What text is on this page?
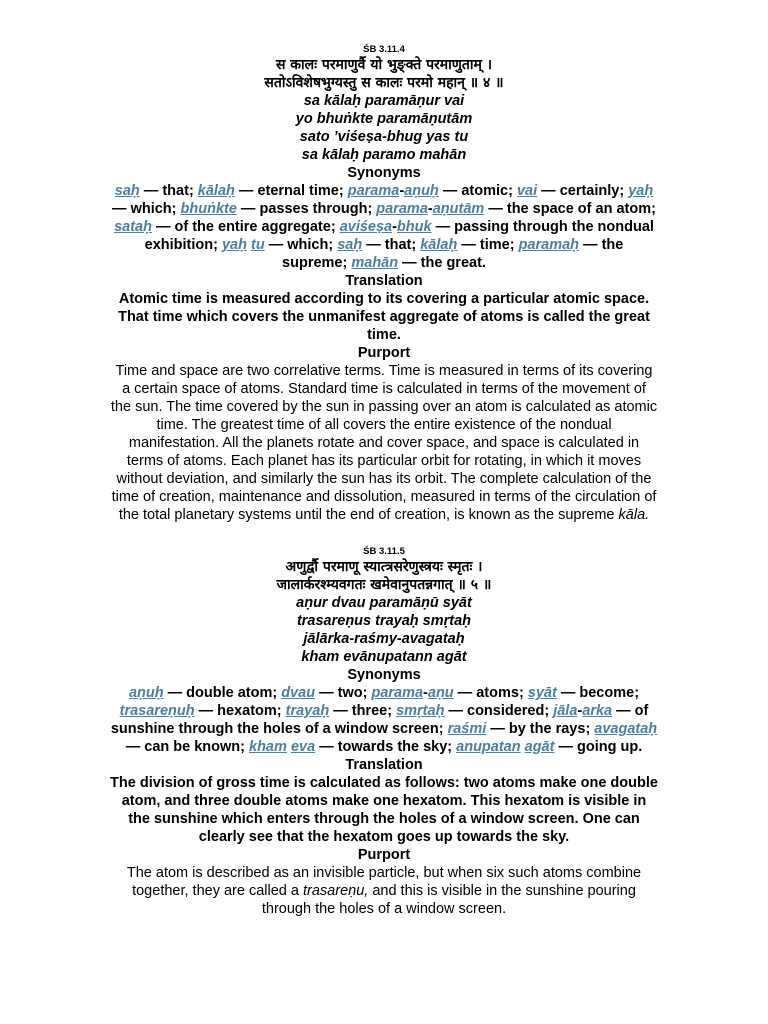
ŚB 3.11.4
स कालः परमाणुर्वै यो भुङ्क्ते परमाणुताम् ।
सतोऽविशेषभुग्यस्तु स कालः परमो महान् ॥ ४ ॥
sa kālaḥ paramāṇur vai
yo bhuṅkte paramāṇutām
sato ’viśeṣa-bhug yas tu
sa kālaḥ paramo mahān
Synonyms
saḥ — that; kālaḥ — eternal time; parama-aṇuḥ — atomic; vai — certainly; yaḥ — which; bhuṅkte — passes through; parama-aṇutām — the space of an atom; sataḥ — of the entire aggregate; aviśeṣa-bhuk — passing through the nondual exhibition; yaḥ tu — which; saḥ — that; kālaḥ — time; paramaḥ — the supreme; mahān — the great.
Translation
Atomic time is measured according to its covering a particular atomic space. That time which covers the unmanifest aggregate of atoms is called the great time.
Purport
Time and space are two correlative terms. Time is measured in terms of its covering a certain space of atoms. Standard time is calculated in terms of the movement of the sun. The time covered by the sun in passing over an atom is calculated as atomic time. The greatest time of all covers the entire existence of the nondual manifestation. All the planets rotate and cover space, and space is calculated in terms of atoms. Each planet has its particular orbit for rotating, in which it moves without deviation, and similarly the sun has its orbit. The complete calculation of the time of creation, maintenance and dissolution, measured in terms of the circulation of the total planetary systems until the end of creation, is known as the supreme kāla.
ŚB 3.11.5
अणुर्द्वौ परमाणू स्यात्त्रसरेणुस्त्रयः स्मृतः ।
जालार्करश्म्यवगतः खमेवानुपतन्नगात् ॥ ५ ॥
aṇur dvau paramāṇū syāt
trasareṇus trayaḥ smṛtaḥ
jālārka-raśmy-avagataḥ
kham evānupatann agāt
Synonyms
aṇuḥ — double atom; dvau — two; parama-aṇu — atoms; syāt — become; trasareṇuḥ — hexatom; trayaḥ — three; smṛtaḥ — considered; jāla-arka — of sunshine through the holes of a window screen; raśmi — by the rays; avagataḥ — can be known; kham eva — towards the sky; anupatan agāt — going up.
Translation
The division of gross time is calculated as follows: two atoms make one double atom, and three double atoms make one hexatom. This hexatom is visible in the sunshine which enters through the holes of a window screen. One can clearly see that the hexatom goes up towards the sky.
Purport
The atom is described as an invisible particle, but when six such atoms combine together, they are called a trasareṇu, and this is visible in the sunshine pouring through the holes of a window screen.
